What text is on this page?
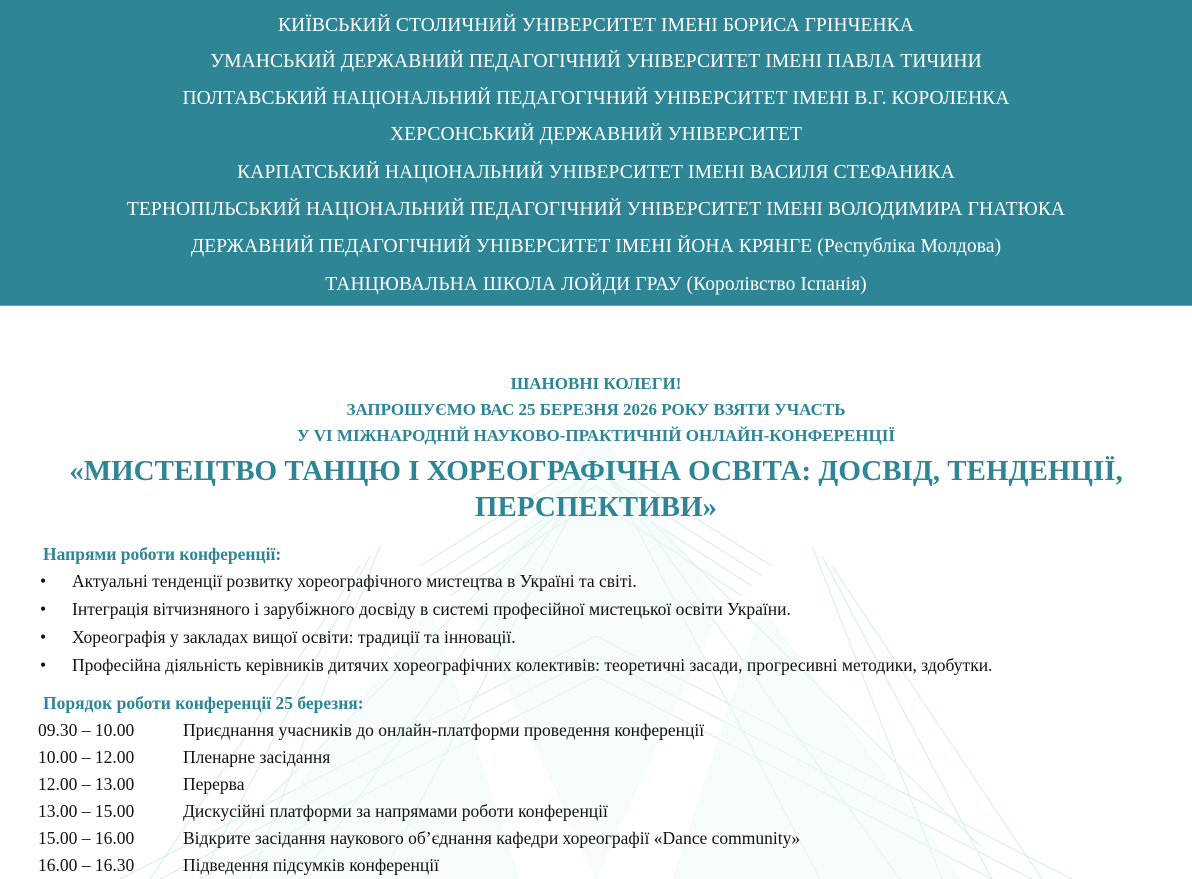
КИЇВСЬКИЙ СТОЛИЧНИЙ УНІВЕРСИТЕТ ІМЕНІ БОРИСА ГРІНЧЕНКА
УМАНСЬКИЙ ДЕРЖАВНИЙ ПЕДАГОГІЧНИЙ УНІВЕРСИТЕТ ІМЕНІ ПАВЛА ТИЧИНИ
ПОЛТАВСЬКИЙ НАЦІОНАЛЬНИЙ ПЕДАГОГІЧНИЙ УНІВЕРСИТЕТ ІМЕНІ В.Г. КОРОЛЕНКА
ХЕРСОНСЬКИЙ ДЕРЖАВНИЙ УНІВЕРСИТЕТ
КАРПАТСЬКИЙ НАЦІОНАЛЬНИЙ УНІВЕРСИТЕТ ІМЕНІ ВАСИЛЯ СТЕФАНИКА
ТЕРНОПІЛЬСЬКИЙ НАЦІОНАЛЬНИЙ ПЕДАГОГІЧНИЙ УНІВЕРСИТЕТ ІМЕНІ ВОЛОДИМИРА ГНАТЮКА
ДЕРЖАВНИЙ ПЕДАГОГІЧНИЙ УНІВЕРСИТЕТ ІМЕНІ ЙОНА КРЯНГЕ (Республіка Молдова)
ТАНЦЮВАЛЬНА ШКОЛА ЛОЙДИ ГРАУ (Королівство Іспанія)
ШАНОВНІ КОЛЕГИ!
ЗАПРОШУЄМО ВАС 25 БЕРЕЗНЯ 2026 РОКУ ВЗЯТИ УЧАСТЬ
У VI МІЖНАРОДНІЙ НАУКОВО-ПРАКТИЧНІЙ ОНЛАЙН-КОНФЕРЕНЦІЇ
«МИСТЕЦТВО ТАНЦЮ І ХОРЕОГРАФІЧНА ОСВІТА: ДОСВІД, ТЕНДЕНЦІЇ,
ПЕРСПЕКТИВИ»
Напрями роботи конференції:
•	Актуальні тенденції розвитку хореографічного мистецтва в Україні та світі.
•	Інтеграція вітчизняного і зарубіжного досвіду в системі професійної мистецької освіти України.
•	Хореографія у закладах вищої освіти: традиції та інновації.
•	Професійна діяльність керівників дитячих хореографічних колективів: теоретичні засади, прогресивні методики, здобутки.
Порядок роботи конференції 25 березня:
09.30 – 10.00	Приєднання учасників до онлайн-платформи проведення конференції
10.00 – 12.00	Пленарне засідання
12.00 – 13.00	Перерва
13.00 – 15.00	Дискусійні платформи за напрямами роботи конференції
15.00 – 16.00	Відкрите засідання наукового об’єднання кафедри хореографії «Dance community»
16.00 – 16.30	Підведення підсумків конференції
